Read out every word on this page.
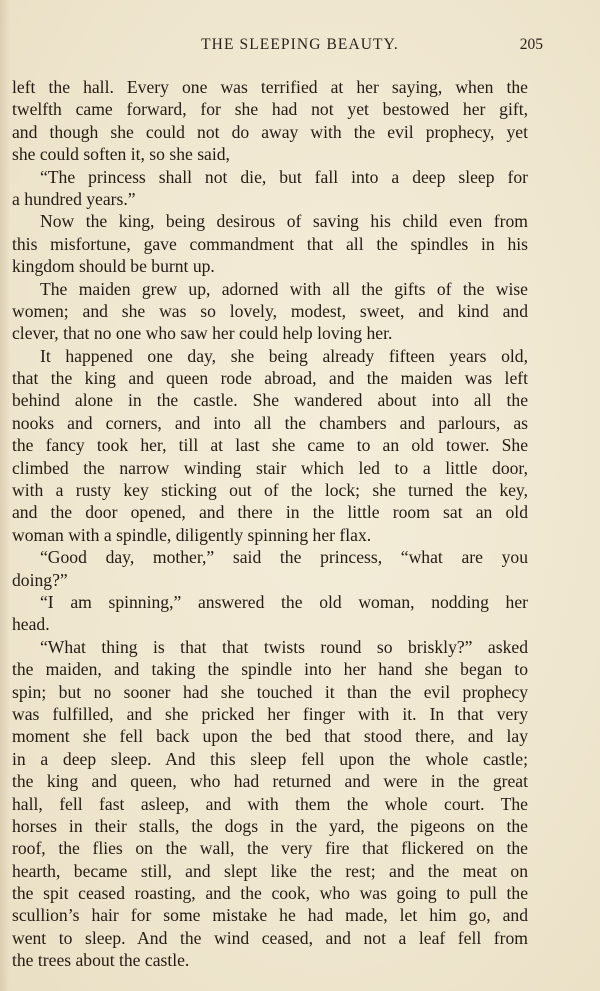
THE SLEEPING BEAUTY.	205
left the hall. Every one was terrified at her saying, when the
twelfth came forward, for she had not yet bestowed her gift,
and though she could not do away with the evil prophecy, yet
she could soften it, so she said,
“The princess shall not die, but fall into a deep sleep for
a hundred years.”
Now the king, being desirous of saving his child even from
this misfortune, gave commandment that all the spindles in his
kingdom should be burnt up.
The maiden grew up, adorned with all the gifts of the wise
women; and she was so lovely, modest, sweet, and kind and
clever, that no one who saw her could help loving her.
It happened one day, she being already fifteen years old,
that the king and queen rode abroad, and the maiden was left
behind alone in the castle. She wandered about into all the
nooks and corners, and into all the chambers and parlours, as
the fancy took her, till at last she came to an old tower. She
climbed the narrow winding stair which led to a little door,
with a rusty key sticking out of the lock; she turned the key,
and the door opened, and there in the little room sat an old
woman with a spindle, diligently spinning her flax.
“Good day, mother,” said the princess, “what are you
doing?”
“I am spinning,” answered the old woman, nodding her
head.
“What thing is that that twists round so briskly?” asked
the maiden, and taking the spindle into her hand she began to
spin; but no sooner had she touched it than the evil prophecy
was fulfilled, and she pricked her finger with it. In that very
moment she fell back upon the bed that stood there, and lay
in a deep sleep. And this sleep fell upon the whole castle;
the king and queen, who had returned and were in the great
hall, fell fast asleep, and with them the whole court. The
horses in their stalls, the dogs in the yard, the pigeons on the
roof, the flies on the wall, the very fire that flickered on the
hearth, became still, and slept like the rest; and the meat on
the spit ceased roasting, and the cook, who was going to pull the
scullion’s hair for some mistake he had made, let him go, and
went to sleep. And the wind ceased, and not a leaf fell from
the trees about the castle.
